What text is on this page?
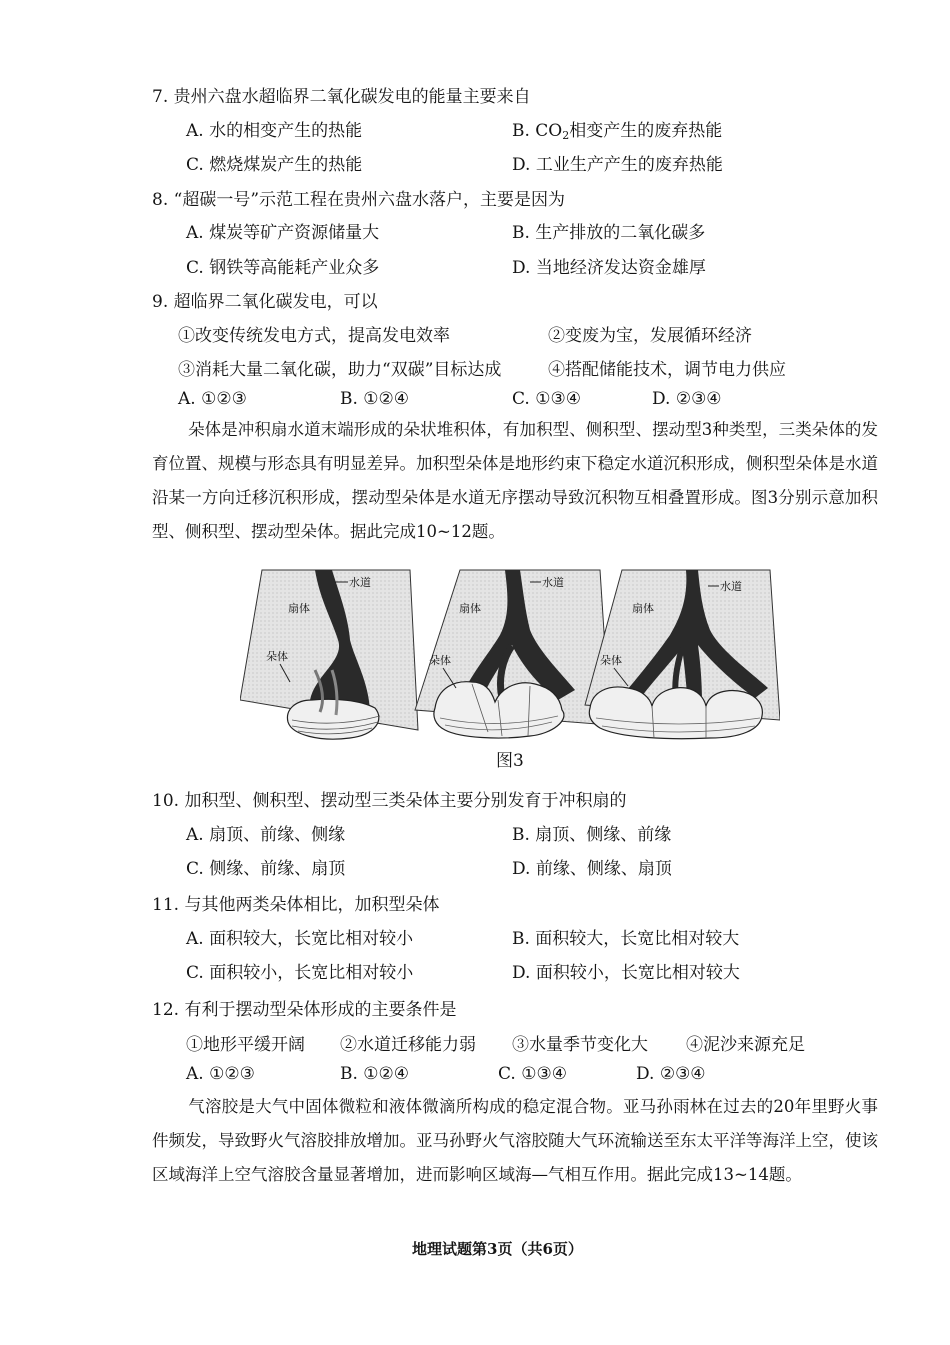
7. 贵州六盘水超临界二氧化碳发电的能量主要来自
A. 水的相变产生的热能	B. $CO_2$相变产生的废弃热能
C. 燃烧煤炭产生的热能	D. 工业生产产生的废弃热能
8. “超碳一号”示范工程在贵州六盘水落户，主要是因为
A. 煤炭等矿产资源储量大	B. 生产排放的二氧化碳多
C. 钢铁等高能耗产业众多	D. 当地经济发达资金雄厚
9. 超临界二氧化碳发电，可以
①改变传统发电方式，提高发电效率	②变废为宝，发展循环经济
③消耗大量二氧化碳，助力“双碳”目标达成	④搭配储能技术，调节电力供应
A. ①②③	B. ①②④	C. ①③④	D. ②③④
朵体是冲积扇水道末端形成的朵状堆积体，有加积型、侧积型、摆动型3种类型，三类朵体的发育位置、规模与形态具有明显差异。加积型朵体是地形约束下稳定水道沉积形成，侧积型朵体是水道沿某一方向迁移沉积形成，摆动型朵体是水道无序摆动导致沉积物互相叠置形成。图3分别示意加积型、侧积型、摆动型朵体。据此完成10~12题。
水道
扇体
朵体
水道
扇体
朵体
水道
扇体
朵体
图3
10. 加积型、侧积型、摆动型三类朵体主要分别发育于冲积扇的
A. 扇顶、前缘、侧缘	B. 扇顶、侧缘、前缘
C. 侧缘、前缘、扇顶	D. 前缘、侧缘、扇顶
11. 与其他两类朵体相比，加积型朵体
A. 面积较大，长宽比相对较小	B. 面积较大，长宽比相对较大
C. 面积较小，长宽比相对较小	D. 面积较小，长宽比相对较大
12. 有利于摆动型朵体形成的主要条件是
①地形平缓开阔 ②水道迁移能力弱 ③水量季节变化大 ④泥沙来源充足
A. ①②③	B. ①②④	C. ①③④	D. ②③④
气溶胶是大气中固体微粒和液体微滴所构成的稳定混合物。亚马孙雨林在过去的20年里野火事件频发，导致野火气溶胶排放增加。亚马孙野火气溶胶随大气环流输送至东太平洋等海洋上空，使该区域海洋上空气溶胶含量显著增加，进而影响区域海—气相互作用。据此完成13~14题。
地理试题第3页（共6页）
